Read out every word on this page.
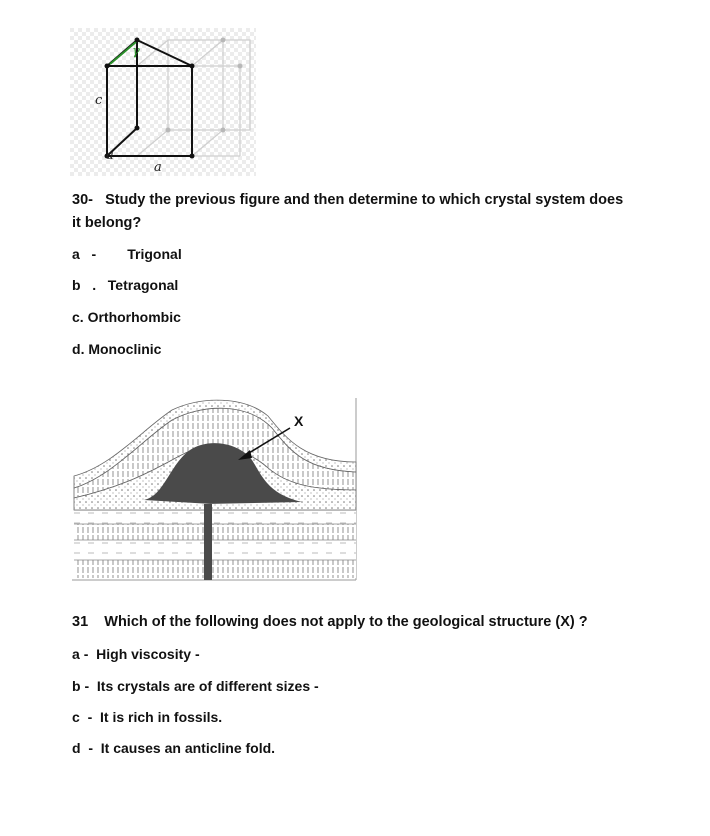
γ
c
a
a
30- Study the previous figure and then determine to which crystal system does
it belong?
a - Trigonal
b . Tetragonal
c. Orthorhombic
d. Monoclinic
X
31 Which of the following does not apply to the geological structure (X) ?
a - High viscosity -
b - Its crystals are of different sizes -
c - It is rich in fossils.
d - It causes an anticline fold.
